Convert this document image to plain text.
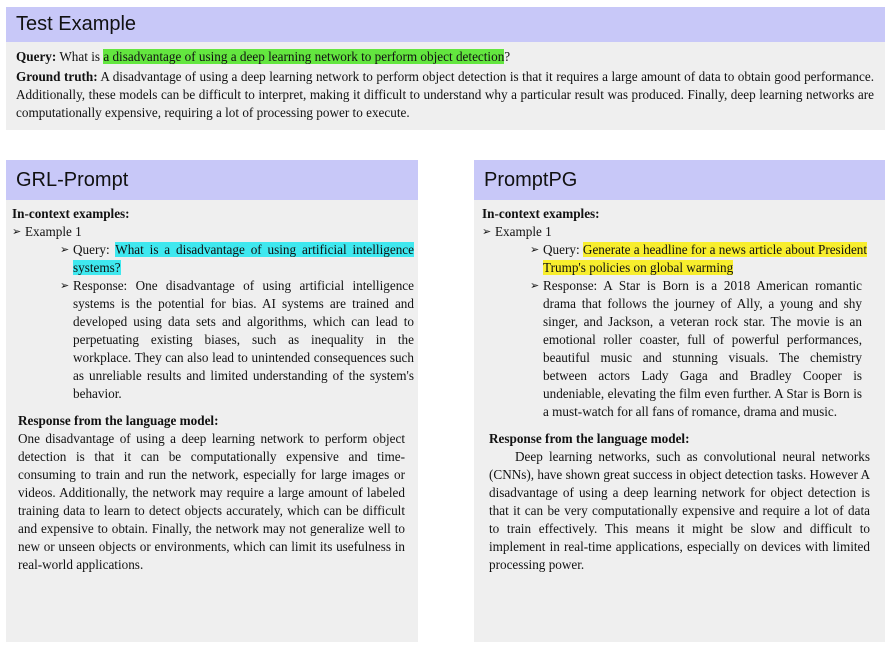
Test Example
Query: What is a disadvantage of using a deep learning network to perform object detection?
Ground truth: A disadvantage of using a deep learning network to perform object detection is that it requires a large amount of data to obtain good performance. Additionally, these models can be difficult to interpret, making it difficult to understand why a particular result was produced. Finally, deep learning networks are computationally expensive, requiring a lot of processing power to execute.
GRL-Prompt
In-context examples:
➢ Example 1
➢ Query: What is a disadvantage of using artificial intelligence systems?
➢ Response: One disadvantage of using artificial intelligence systems is the potential for bias. AI systems are trained and developed using data sets and algorithms, which can lead to perpetuating existing biases, such as inequality in the workplace. They can also lead to unintended consequences such as unreliable results and limited understanding of the system's behavior.
Response from the language model:
One disadvantage of using a deep learning network to perform object detection is that it can be computationally expensive and time-consuming to train and run the network, especially for large images or videos. Additionally, the network may require a large amount of labeled training data to learn to detect objects accurately, which can be difficult and expensive to obtain. Finally, the network may not generalize well to new or unseen objects or environments, which can limit its usefulness in real-world applications.
PromptPG
In-context examples:
➢ Example 1
➢ Query: Generate a headline for a news article about President Trump's policies on global warming
➢ Response: A Star is Born is a 2018 American romantic drama that follows the journey of Ally, a young and shy singer, and Jackson, a veteran rock star. The movie is an emotional roller coaster, full of powerful performances, beautiful music and stunning visuals. The chemistry between actors Lady Gaga and Bradley Cooper is undeniable, elevating the film even further. A Star is Born is a must-watch for all fans of romance, drama and music.
Response from the language model:
Deep learning networks, such as convolutional neural networks (CNNs), have shown great success in object detection tasks. However A disadvantage of using a deep learning network for object detection is that it can be very computationally expensive and require a lot of data to train effectively. This means it might be slow and difficult to implement in real-time applications, especially on devices with limited processing power.
